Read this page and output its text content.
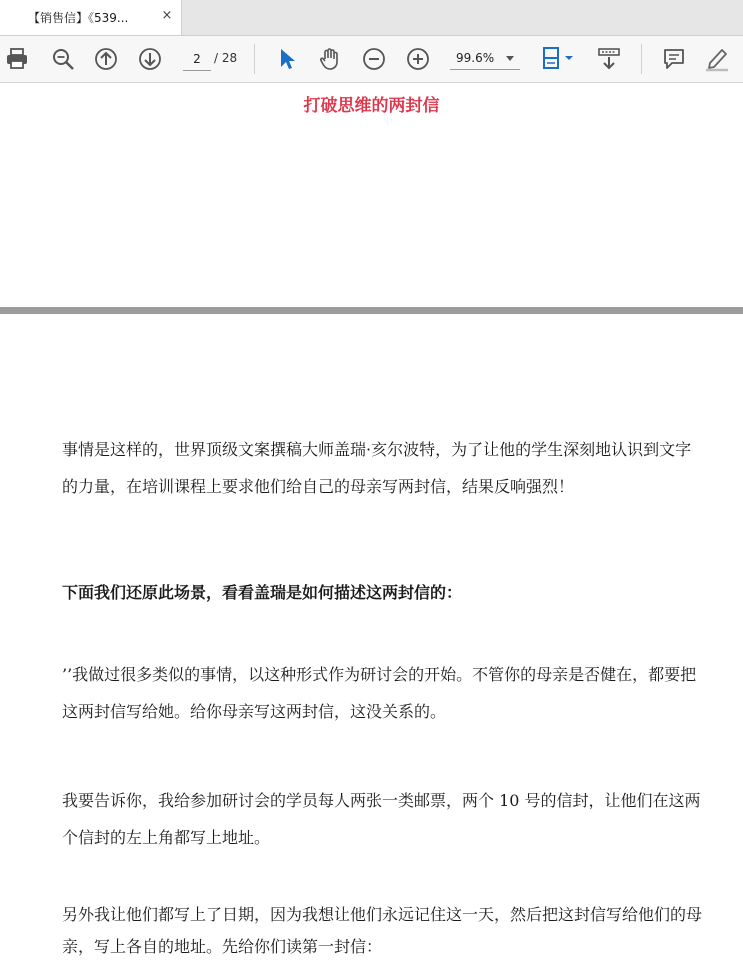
【销售信】《539...	×
2
/ 28	99.6%
打破思维的两封信

事情是这样的，世界顶级文案撰稿大师盖瑞·亥尔波特，为了让他的学生深刻地认识到文字的力量，在培训课程上要求他们给自己的母亲写两封信，结果反响强烈！

下面我们还原此场景，看看盖瑞是如何描述这两封信的：

’’我做过很多类似的事情，以这种形式作为研讨会的开始。不管你的母亲是否健在，都要把这两封信写给她。给你母亲写这两封信，这没关系的。

我要告诉你，我给参加研讨会的学员每人两张一类邮票，两个 10 号的信封，让他们在这两个信封的左上角都写上地址。

另外我让他们都写上了日期，因为我想让他们永远记住这一天，然后把这封信写给他们的母亲，写上各自的地址。先给你们读第一封信：
